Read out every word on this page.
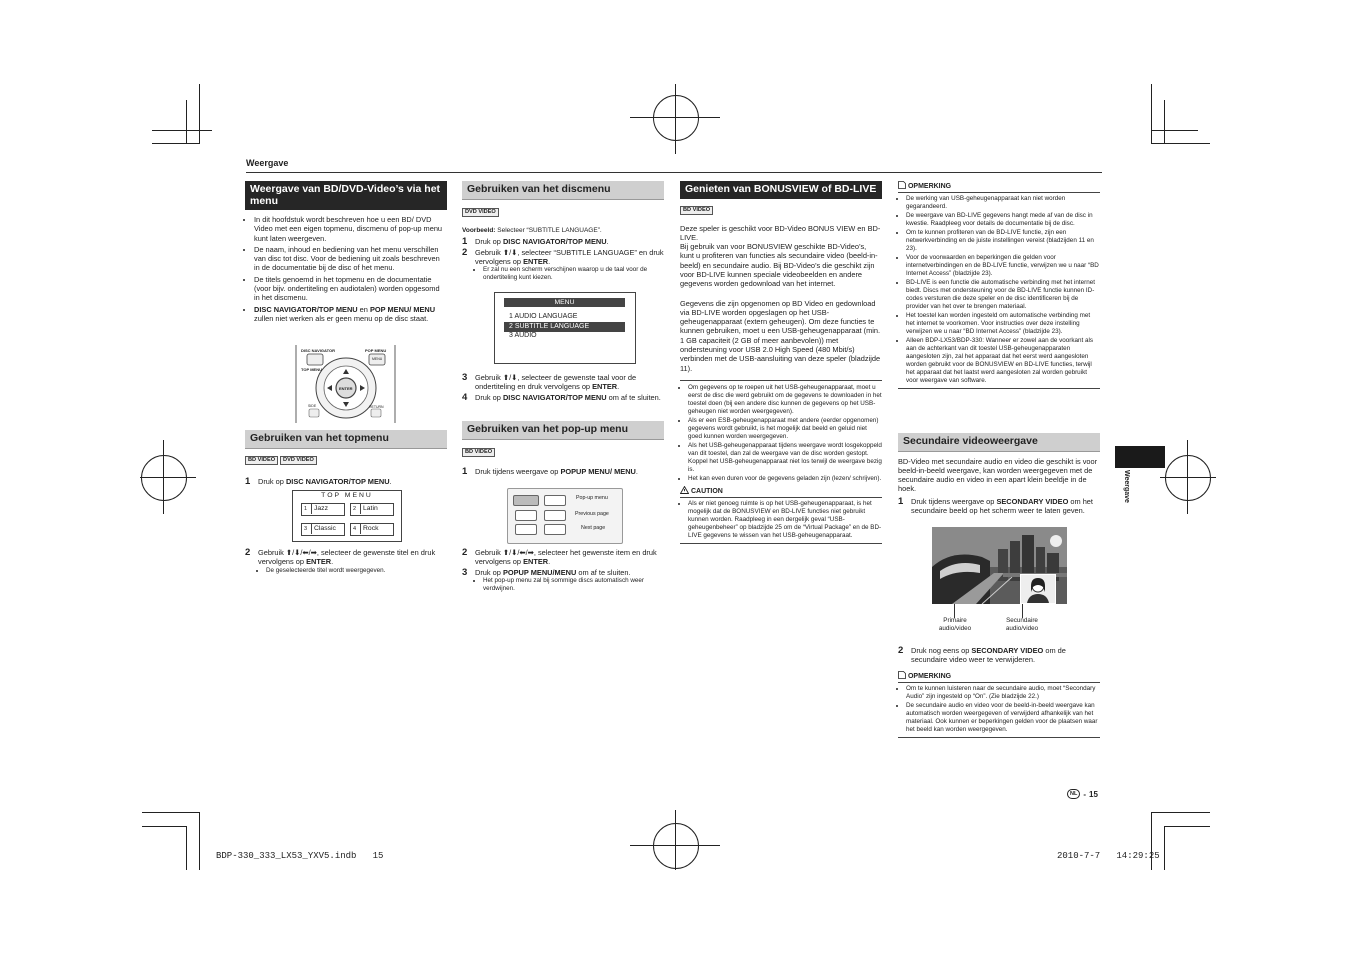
Weergave
Weergave
Weergave van BD/DVD-Video’s via het menu
• In dit hoofdstuk wordt beschreven hoe u een BD/ DVD Video met een eigen topmenu, discmenu of pop-up menu kunt laten weergeven.
• De naam, inhoud en bediening van het menu verschillen van disc tot disc. Voor de bediening uit zoals beschreven in de documentatie bij de disc of het menu.
• De titels genoemd in het topmenu en de documentatie (voor bijv. ondertiteling en audiotalen) worden opgesomd in het discmenu.
• DISC NAVIGATOR/TOP MENU en POP MENU/ MENU zullen niet werken als er geen menu op de disc staat.
DISC NAVIGATOR
TOP MENU
POP MENU
MENU
ENTER
SIDE	RETURN
Gebruiken van het topmenu
BD VIDEO DVD VIDEO
1	Druk op DISC NAVIGATOR/TOP MENU.
TOP MENU
1 Jazz	2 Latin
3 Classic	4 Rock
2	Gebruik ⬆/⬇/⬅/➡, selecteer de gewenste titel en druk vervolgens op ENTER.
• De geselecteerde titel wordt weergegeven.
Gebruiken van het discmenu
DVD VIDEO

Voorbeeld: Selecteer “SUBTITLE LANGUAGE”.

1	Druk op DISC NAVIGATOR/TOP MENU.
2	Gebruik ⬆/⬇, selecteer “SUBTITLE LANGUAGE” en druk vervolgens op ENTER.
• Er zal nu een scherm verschijnen waarop u de taal voor de ondertiteling kunt kiezen.
MENU
1 AUDIO LANGUAGE
2 SUBTITLE LANGUAGE
3 AUDIO
3	Gebruik ⬆/⬇, selecteer de gewenste taal voor de ondertiteling en druk vervolgens op ENTER.
4	Druk op DISC NAVIGATOR/TOP MENU om af te sluiten.
Gebruiken van het pop-up menu
BD VIDEO
1	Druk tijdens weergave op POPUP MENU/ MENU.
Pop-up menu
Previous page
Next page
2	Gebruik ⬆/⬇/⬅/➡, selecteer het gewenste item en druk vervolgens op ENTER.
3	Druk op POPUP MENU/MENU om af te sluiten.
• Het pop-up menu zal bij sommige discs automatisch weer verdwijnen.
Genieten van BONUSVIEW of BD-LIVE
BD VIDEO

Deze speler is geschikt voor BD-Video BONUS VIEW en BD-LIVE.

Bij gebruik van voor BONUSVIEW geschikte BD-Video’s, kunt u profiteren van functies als secundaire video (beeld-in-beeld) en secundaire audio. Bij BD-Video’s die geschikt zijn voor BD-LIVE kunnen speciale videobeelden en andere gegevens worden gedownload van het internet.

Gegevens die zijn opgenomen op BD Video en gedownload via BD-LIVE worden opgeslagen op het USB-geheugenapparaat (extern geheugen). Om deze functies te kunnen gebruiken, moet u een USB-geheugenapparaat (min. 1 GB capaciteit (2 GB of meer aanbevolen)) met ondersteuning voor USB 2.0 High Speed (480 Mbit/s) verbinden met de USB-aansluiting van deze speler (bladzijde 11).

• Om gegevens op te roepen uit het USB-geheugenapparaat, moet u eerst de disc die werd gebruikt om de gegevens te downloaden in het toestel doen (bij een andere disc kunnen de gegevens op het USB-geheugen niet worden weergegeven).
• Als er een ESB-geheugenapparaat met andere (eerder opgenomen) gegevens wordt gebruikt, is het mogelijk dat beeld en geluid niet goed kunnen worden weergegeven.
• Als het USB-geheugenapparaat tijdens weergave wordt losgekoppeld van dit toestel, dan zal de weergave van de disc worden gestopt. Koppel het USB-geheugenapparaat niet los terwijl de weergave bezig is.
• Het kan even duren voor de gegevens geladen zijn (lezen/ schrijven).
CAUTION
• Als er niet genoeg ruimte is op het USB-geheugenapparaat, is het mogelijk dat de BONUSVIEW en BD-LIVE functies niet gebruikt kunnen worden. Raadpleeg in een dergelijk geval “USB-geheugenbeheer” op bladzijde 25 om de “Virtual Package” en de BD-LIVE gegevens te wissen van het USB-geheugenapparaat.
OPMERKING
• De werking van USB-geheugenapparaat kan niet worden gegarandeerd.
• De weergave van BD-LIVE gegevens hangt mede af van de disc in kwestie. Raadpleeg voor details de documentatie bij de disc.
• Om te kunnen profiteren van de BD-LIVE functie, zijn een netwerkverbinding en de juiste instellingen vereist (bladzijden 11 en 23).
• Voor de voorwaarden en beperkingen die gelden voor internetverbindingen en de BD-LIVE functie, verwijzen we u naar “BD Internet Access” (bladzijde 23).
• BD-LIVE is een functie die automatische verbinding met het internet biedt. Discs met ondersteuning voor de BD-LIVE functie kunnen ID-codes versturen die deze speler en de disc identificeren bij de provider van het over te brengen materiaal.
• Het toestel kan worden ingesteld om automatische verbinding met het internet te voorkomen. Voor instructies over deze instelling verwijzen we u naar “BD Internet Access” (bladzijde 23).
• Alleen BDP-LX53/BDP-330: Wanneer er zowel aan de voorkant als aan de achterkant van dit toestel USB-geheugenapparaten aangesloten zijn, zal het apparaat dat het eerst werd aangesloten worden gebruikt voor de BONUSVIEW en BD-LIVE functies, terwijl het apparaat dat het laatst werd aangesloten zal worden gebruikt voor weergave van software.
Secundaire videoweergave

BD-Video met secundaire audio en video die geschikt is voor beeld-in-beeld weergave, kan worden weergegeven met de secundaire audio en video in een apart klein beeldje in de hoek.

1	Druk tijdens weergave op SECONDARY VIDEO om het secundaire beeld op het scherm weer te laten geven.
Primaire audio/video
Secundaire audio/video
2	Druk nog eens op SECONDARY VIDEO om de secundaire video weer te verwijderen.
OPMERKING
• Om te kunnen luisteren naar de secundaire audio, moet “Secondary Audio” zijn ingesteld op “On”. (Zie bladzijde 22.)
• De secundaire audio en video voor de beeld-in-beeld weergave kan automatisch worden weergegeven of verwijderd afhankelijk van het materiaal. Ook kunnen er beperkingen gelden voor de plaatsen waar het beeld kan worden weergegeven.
NL - 15
BDP-330_333_LX53_YXV5.indb   15	2010-7-7   14:29:25
